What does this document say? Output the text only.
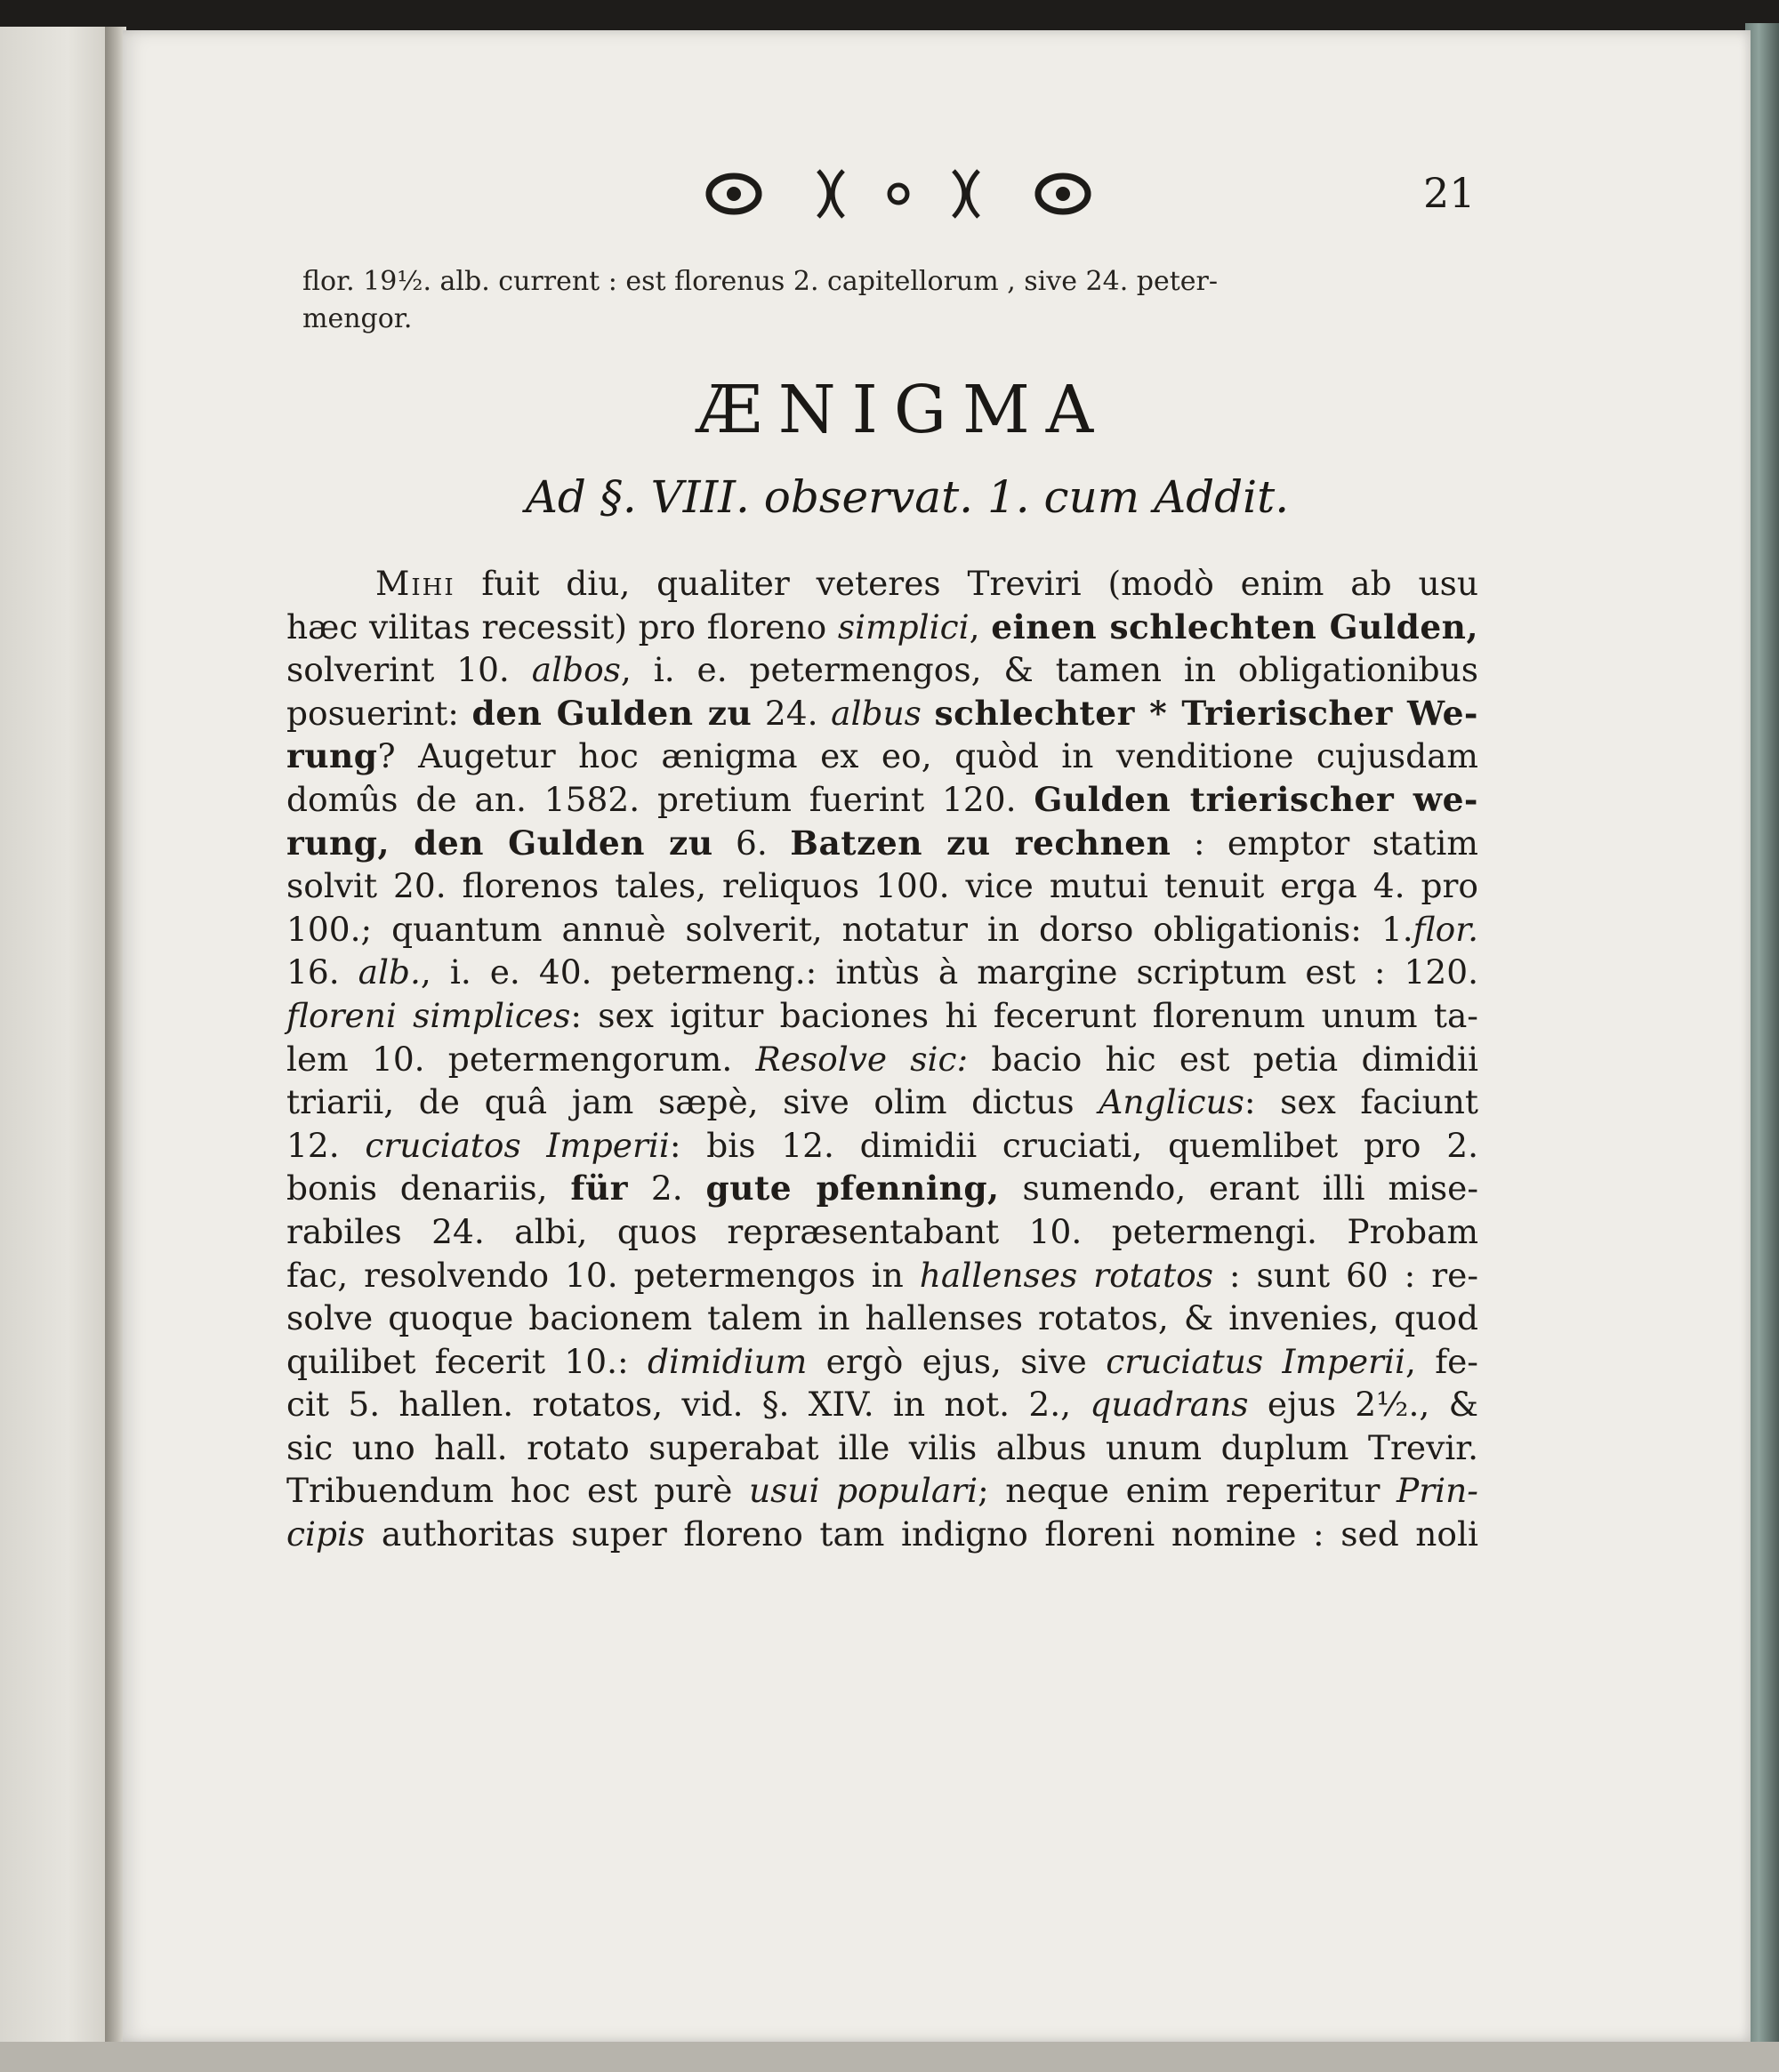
21
flor. 19½. alb. current : est florenus 2. capitellorum , sive 24. peter-
mengor.
ÆNIGMA
Ad §. VIII. observat. 1. cum Addit.
Mihi fuit diu, qualiter veteres Treviri (modò enim ab usu
hæc vilitas recessit) pro floreno simplici, einen schlechten Gulden,
solverint 10. albos, i. e. petermengos, & tamen in obligationibus
posuerint: den Gulden zu 24. albus schlechter * Trierischer We-
rung? Augetur hoc ænigma ex eo, quòd in venditione cujusdam
domûs de an. 1582. pretium fuerint 120. Gulden trierischer we-
rung, den Gulden zu 6. Batzen zu rechnen : emptor statim
solvit 20. florenos tales, reliquos 100. vice mutui tenuit erga 4. pro
100.; quantum annuè solverit, notatur in dorso obligationis: 1.flor.
16. alb., i. e. 40. petermeng.: intùs à margine scriptum est : 120.
floreni simplices: sex igitur baciones hi fecerunt florenum unum ta-
lem 10. petermengorum. Resolve sic: bacio hic est petia dimidii
triarii, de quâ jam sæpè, sive olim dictus Anglicus: sex faciunt
12. cruciatos Imperii: bis 12. dimidii cruciati, quemlibet pro 2.
bonis denariis, für 2. gute pfenning, sumendo, erant illi mise-
rabiles 24. albi, quos repræsentabant 10. petermengi. Probam
fac, resolvendo 10. petermengos in hallenses rotatos : sunt 60 : re-
solve quoque bacionem talem in hallenses rotatos, & invenies, quod
quilibet fecerit 10.: dimidium ergò ejus, sive cruciatus Imperii, fe-
cit 5. hallen. rotatos, vid. §. XIV. in not. 2., quadrans ejus 2½., &
sic uno hall. rotato superabat ille vilis albus unum duplum Trevir.
Tribuendum hoc est purè usui populari; neque enim reperitur Prin-
cipis authoritas super floreno tam indigno floreni nomine : sed noli
